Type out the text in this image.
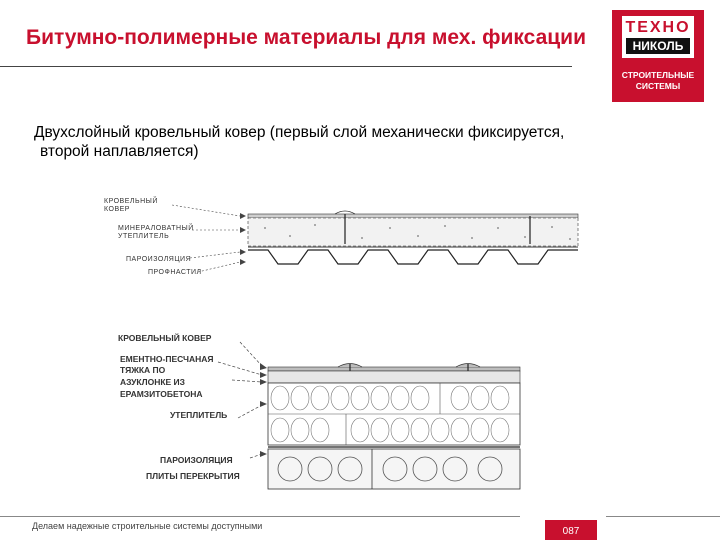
Битумно-полимерные материалы для мех. фиксации ТЕХНО
НИКОЛЬ
СТРОИТЕЛЬНЫЕ
СИСТЕМЫ
Двухслойный кровельный ковер (первый слой механически фиксируется,
второй наплавляется)
КРОВЕЛЬНЫЙ
КОВЕР
МИНЕРАЛОВАТНЫЙ
УТЕПЛИТЕЛЬ
ПАРОИЗОЛЯЦИЯ
ПРОФНАСТИЛ
КРОВЕЛЬНЫЙ КОВЕР
ЕМЕНТНО-ПЕСЧАНАЯ
ТЯЖКА ПО
АЗУКЛОНКЕ ИЗ
ЕРАМЗИТОБЕТОНА
УТЕПЛИТЕЛЬ
ПАРОИЗОЛЯЦИЯ
ПЛИТЫ ПЕРЕКРЫТИЯ
Делаем надежные строительные системы доступными	087
